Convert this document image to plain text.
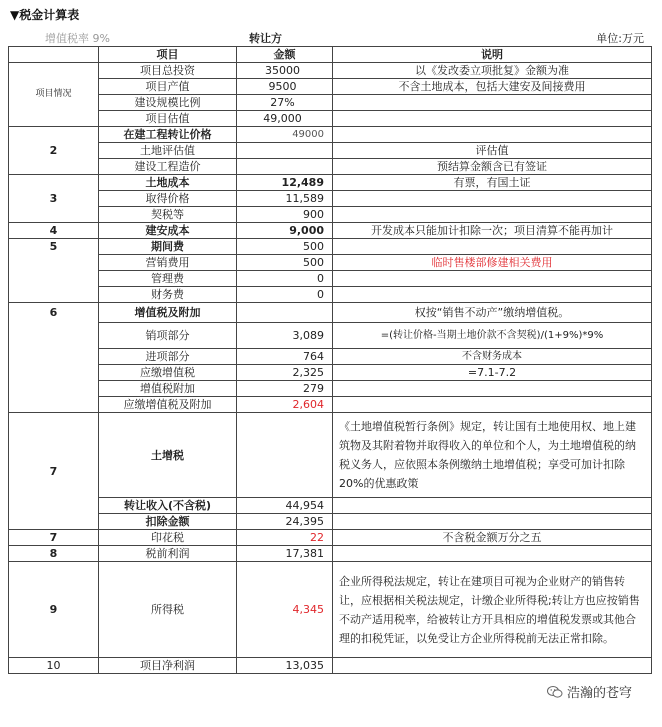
▼税金计算表
增值税率 9%	转让方	单位:万元
	项目	金额	说明
项目情况	项目总投资	35000	以《发改委立项批复》金额为准
	项目产值	9500	不含土地成本，包括大建安及间接费用
	建设规模比例	27%	
	项目估值	49,000	
2	在建工程转让价格	49000	
	土地评估值		评估值
	建设工程造价		预结算金额含已有签证
3	土地成本	12,489	有票，有国土证
	取得价格	11,589	
	契税等	900	
4	建安成本	9,000	开发成本只能加计扣除一次；项目清算不能再加计
5	期间费	500	
	营销费用	500	临时售楼部修建相关费用
	管理费	0	
	财务费	0	
6	增值税及附加		权按“销售不动产”缴纳增值税。
	销项部分	3,089	=(转让价格-当期土地价款不含契税)/(1+9%)*9%
	进项部分	764	不含财务成本
	应缴增值税	2,325	=7.1-7.2
	增值税附加	279	
	应缴增值税及附加	2,604	
7	土增税		《土地增值税暂行条例》规定，转让国有土地使用权、地上建筑物及其附着物并取得收入的单位和个人，为土地增值税的纳税义务人，应依照本条例缴纳土地增值税；享受可加计扣除20%的优惠政策
	转让收入(不含税)	44,954	
	扣除金额	24,395	
7	印花税	22	不含税金额万分之五
8	税前利润	17,381	
9	所得税	4,345	企业所得税法规定，转让在建项目可视为企业财产的销售转让，应根据相关税法规定，计缴企业所得税;转让方也应按销售不动产适用税率，给被转让方开具相应的增值税发票或其他合理的扣税凭证，以免受让方企业所得税前无法正常扣除。
10	项目净利润	13,035	
浩瀚的苍穹
